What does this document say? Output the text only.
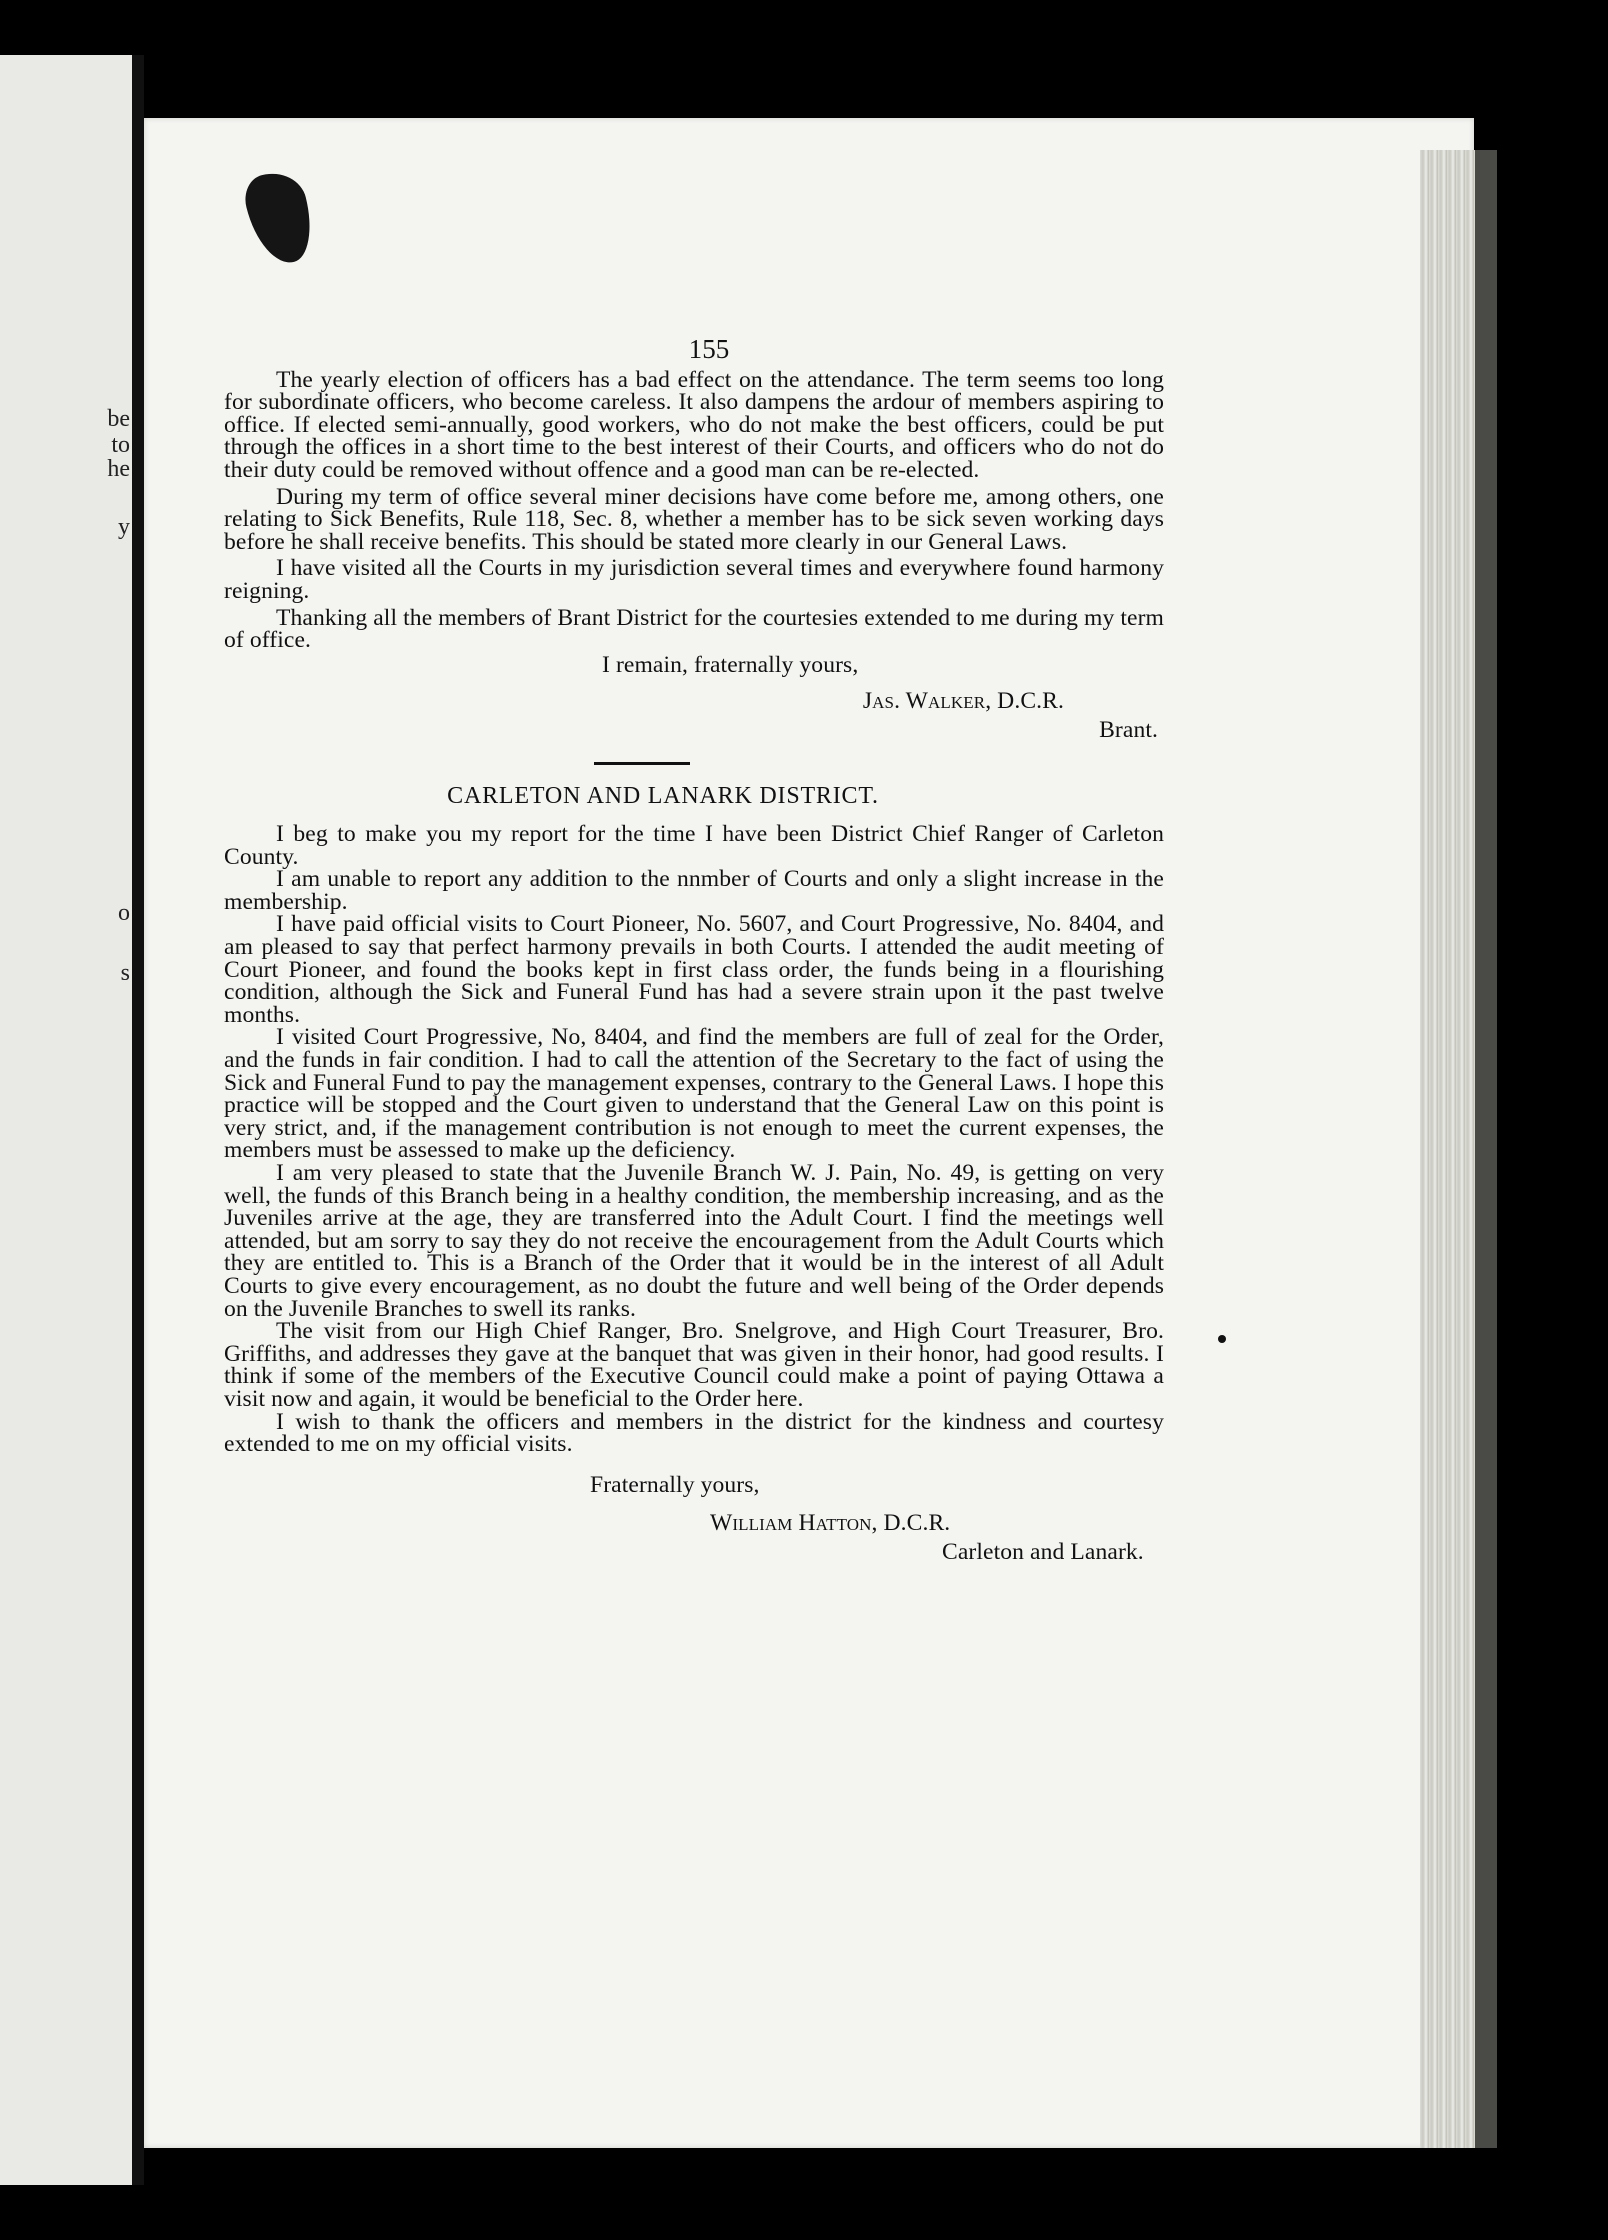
be
to
he
y
o
s
155

The yearly election of officers has a bad effect on the attendance. The term seems too long for subordinate officers, who become careless. It also dampens the ardour of members aspiring to office. If elected semi-annually, good workers, who do not make the best officers, could be put through the offices in a short time to the best interest of their Courts, and officers who do not do their duty could be removed without offence and a good man can be re-elected.

During my term of office several miner decisions have come before me, among others, one relating to Sick Benefits, Rule 118, Sec. 8, whether a member has to be sick seven working days before he shall receive benefits. This should be stated more clearly in our General Laws.

I have visited all the Courts in my jurisdiction several times and everywhere found harmony reigning.

Thanking all the members of Brant District for the courtesies extended to me during my term of office.

I remain, fraternally yours,

Jas. Walker, D.C.R.

Brant.

CARLETON AND LANARK DISTRICT.

I beg to make you my report for the time I have been District Chief Ranger of Carleton County.

I am unable to report any addition to the nnmber of Courts and only a slight increase in the membership.

I have paid official visits to Court Pioneer, No. 5607, and Court Progressive, No. 8404, and am pleased to say that perfect harmony prevails in both Courts. I attended the audit meeting of Court Pioneer, and found the books kept in first class order, the funds being in a flourishing condition, although the Sick and Funeral Fund has had a severe strain upon it the past twelve months.

I visited Court Progressive, No, 8404, and find the members are full of zeal for the Order, and the funds in fair condition. I had to call the attention of the Secretary to the fact of using the Sick and Funeral Fund to pay the management expenses, contrary to the General Laws. I hope this practice will be stopped and the Court given to understand that the General Law on this point is very strict, and, if the management contribution is not enough to meet the current expenses, the members must be assessed to make up the deficiency.

I am very pleased to state that the Juvenile Branch W. J. Pain, No. 49, is getting on very well, the funds of this Branch being in a healthy condition, the membership increasing, and as the Juveniles arrive at the age, they are transferred into the Adult Court. I find the meetings well attended, but am sorry to say they do not receive the encouragement from the Adult Courts which they are entitled to. This is a Branch of the Order that it would be in the interest of all Adult Courts to give every encouragement, as no doubt the future and well being of the Order depends on the Juvenile Branches to swell its ranks.

The visit from our High Chief Ranger, Bro. Snelgrove, and High Court Treasurer, Bro. Griffiths, and addresses they gave at the banquet that was given in their honor, had good results. I think if some of the members of the Executive Council could make a point of paying Ottawa a visit now and again, it would be beneficial to the Order here.

I wish to thank the officers and members in the district for the kindness and courtesy extended to me on my official visits.

Fraternally yours,

William Hatton, D.C.R.

Carleton and Lanark.
